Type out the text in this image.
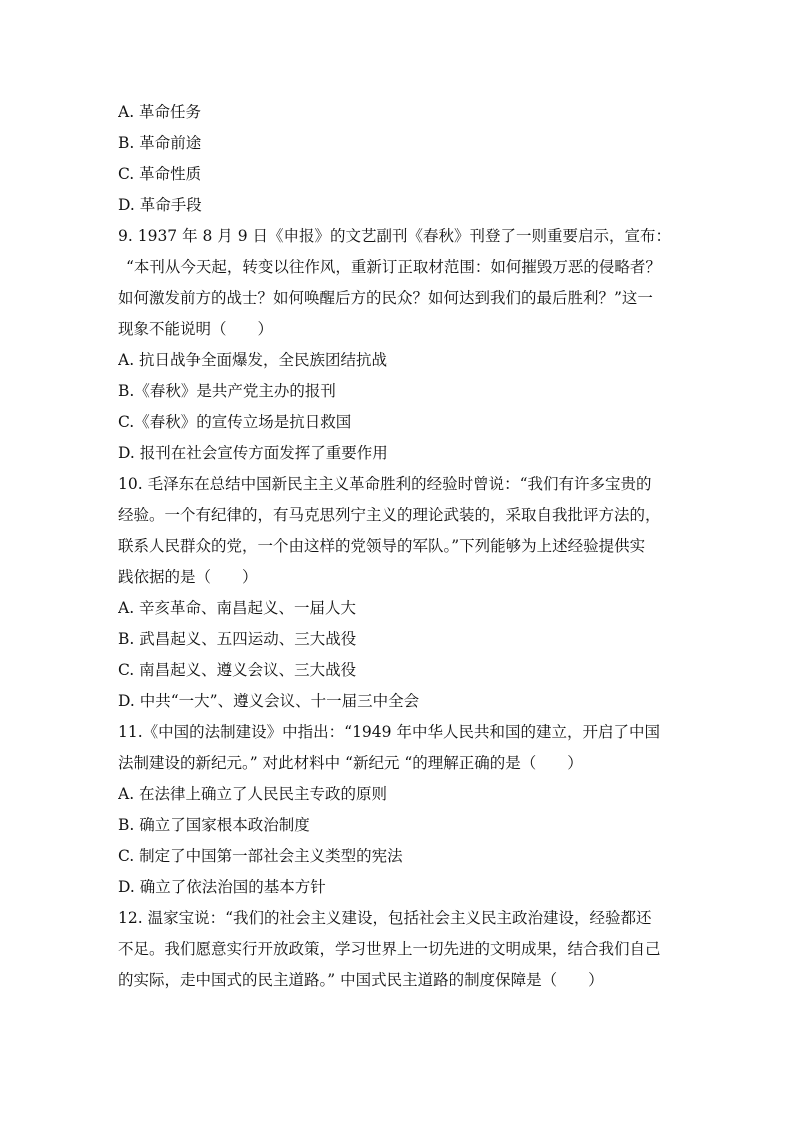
A. 革命任务
B. 革命前途
C. 革命性质
D. 革命手段
9. 1937 年 8 月 9 日《申报》的文艺副刊《春秋》刊登了一则重要启示，宣布：
“本刊从今天起，转变以往作风，重新订正取材范围：如何摧毁万恶的侵略者？
如何激发前方的战士？如何唤醒后方的民众？如何达到我们的最后胜利？”这一
现象不能说明（　　）
A. 抗日战争全面爆发，全民族团结抗战
B.《春秋》是共产党主办的报刊
C.《春秋》的宣传立场是抗日救国
D. 报刊在社会宣传方面发挥了重要作用
10. 毛泽东在总结中国新民主主义革命胜利的经验时曾说：“我们有许多宝贵的
经验。一个有纪律的，有马克思列宁主义的理论武装的，采取自我批评方法的，
联系人民群众的党，一个由这样的党领导的军队。”下列能够为上述经验提供实
践依据的是（　　）
A. 辛亥革命、南昌起义、一届人大
B. 武昌起义、五四运动、三大战役
C. 南昌起义、遵义会议、三大战役
D. 中共“一大”、遵义会议、十一届三中全会
11.《中国的法制建设》中指出：“1949 年中华人民共和国的建立，开启了中国
法制建设的新纪元。” 对此材料中 “新纪元 “的理解正确的是（　　）
A. 在法律上确立了人民民主专政的原则
B. 确立了国家根本政治制度
C. 制定了中国第一部社会主义类型的宪法
D. 确立了依法治国的基本方针
12. 温家宝说：“我们的社会主义建设，包括社会主义民主政治建设，经验都还
不足。我们愿意实行开放政策，学习世界上一切先进的文明成果，结合我们自己
的实际，走中国式的民主道路。” 中国式民主道路的制度保障是（　　）
